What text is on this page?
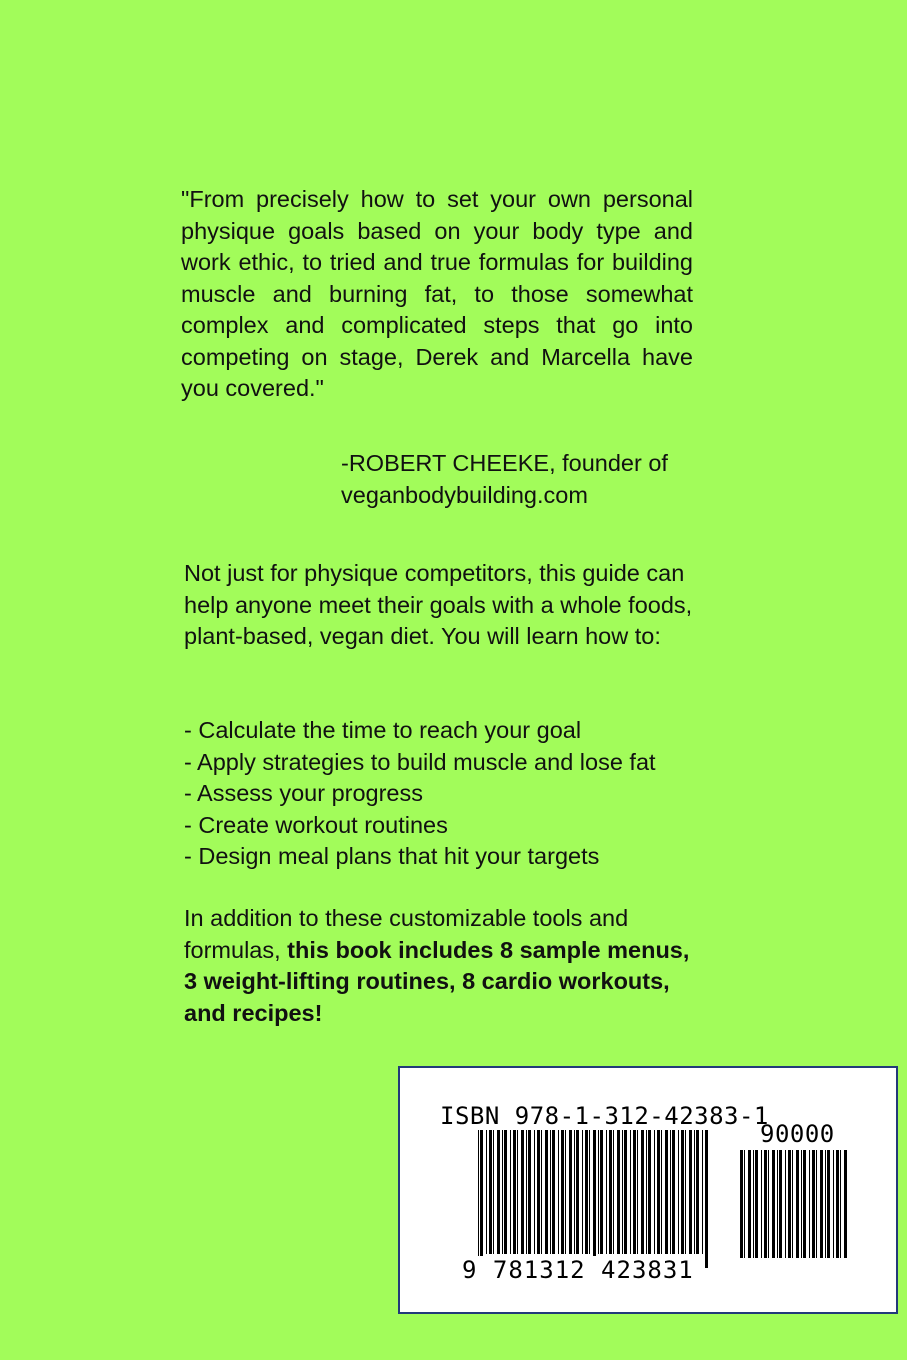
"From precisely how to set your own personal physique goals based on your body type and work ethic, to tried and true formulas for building muscle and burning fat, to those somewhat complex and complicated steps that go into competing on stage, Derek and Marcella have you covered."

-ROBERT CHEEKE, founder of
veganbodybuilding.com

Not just for physique competitors, this guide can help anyone meet their goals with a whole foods, plant-based, vegan diet. You will learn how to:

- Calculate the time to reach your goal
- Apply strategies to build muscle and lose fat
- Assess your progress
- Create workout routines
- Design meal plans that hit your targets

In addition to these customizable tools and formulas, this book includes 8 sample menus, 3 weight-lifting routines, 8 cardio workouts, and recipes!

ISBN 978-1-312-42383-1
90000
9 781312 423831
